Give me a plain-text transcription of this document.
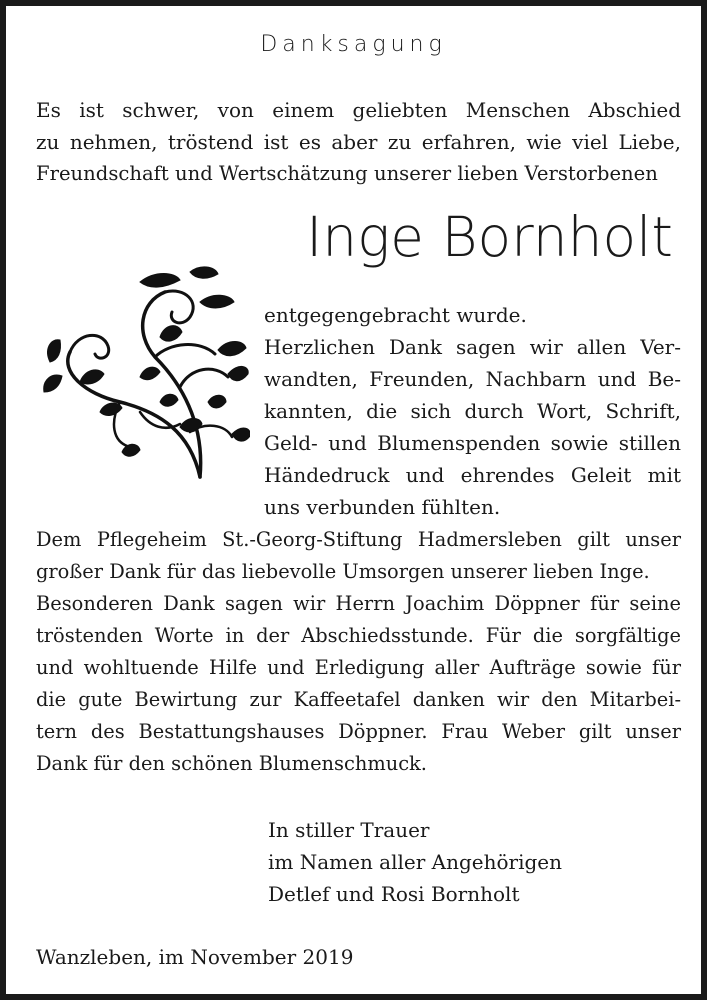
Danksagung
Es ist schwer, von einem geliebten Menschen Abschied
zu nehmen, tröstend ist es aber zu erfahren, wie viel Liebe,
Freundschaft und Wertschätzung unserer lieben Verstorbenen
Inge Bornholt
entgegengebracht wurde.
Herzlichen Dank sagen wir allen Ver-
wandten, Freunden, Nachbarn und Be-
kannten, die sich durch Wort, Schrift,
Geld- und Blumenspenden sowie stillen
Händedruck und ehrendes Geleit mit
uns verbunden fühlten.
Dem Pflegeheim St.-Georg-Stiftung Hadmersleben gilt unser
großer Dank für das liebevolle Umsorgen unserer lieben Inge.
Besonderen Dank sagen wir Herrn Joachim Döppner für seine
tröstenden Worte in der Abschiedsstunde. Für die sorgfältige
und wohltuende Hilfe und Erledigung aller Aufträge sowie für
die gute Bewirtung zur Kaffeetafel danken wir den Mitarbei-
tern des Bestattungshauses Döppner. Frau Weber gilt unser
Dank für den schönen Blumenschmuck.
In stiller Trauer
im Namen aller Angehörigen
Detlef und Rosi Bornholt
Wanzleben, im November 2019
